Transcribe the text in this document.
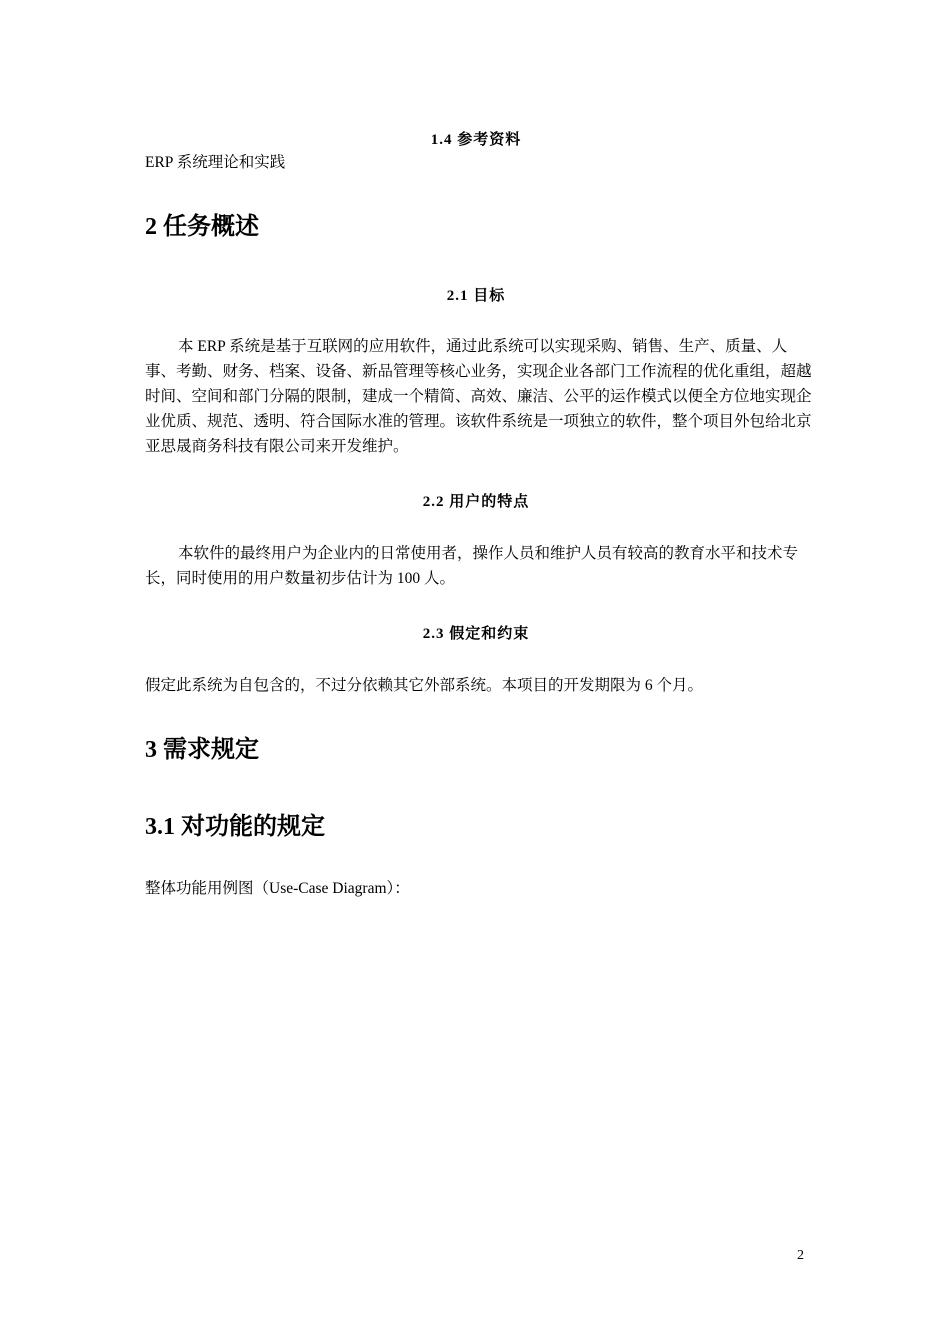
1.4 参考资料
ERP 系统理论和实践
2 任务概述
2.1 目标
本 ERP 系统是基于互联网的应用软件，通过此系统可以实现采购、销售、生产、质量、人事、考勤、财务、档案、设备、新品管理等核心业务，实现企业各部门工作流程的优化重组，超越时间、空间和部门分隔的限制，建成一个精简、高效、廉洁、公平的运作模式以便全方位地实现企业优质、规范、透明、符合国际水准的管理。该软件系统是一项独立的软件，整个项目外包给北京亚思晟商务科技有限公司来开发维护。
2.2 用户的特点
本软件的最终用户为企业内的日常使用者，操作人员和维护人员有较高的教育水平和技术专长，同时使用的用户数量初步估计为 100 人。
2.3 假定和约束
假定此系统为自包含的，不过分依赖其它外部系统。本项目的开发期限为 6 个月。
3 需求规定
3.1 对功能的规定
整体功能用例图（Use-Case Diagram）：
2
